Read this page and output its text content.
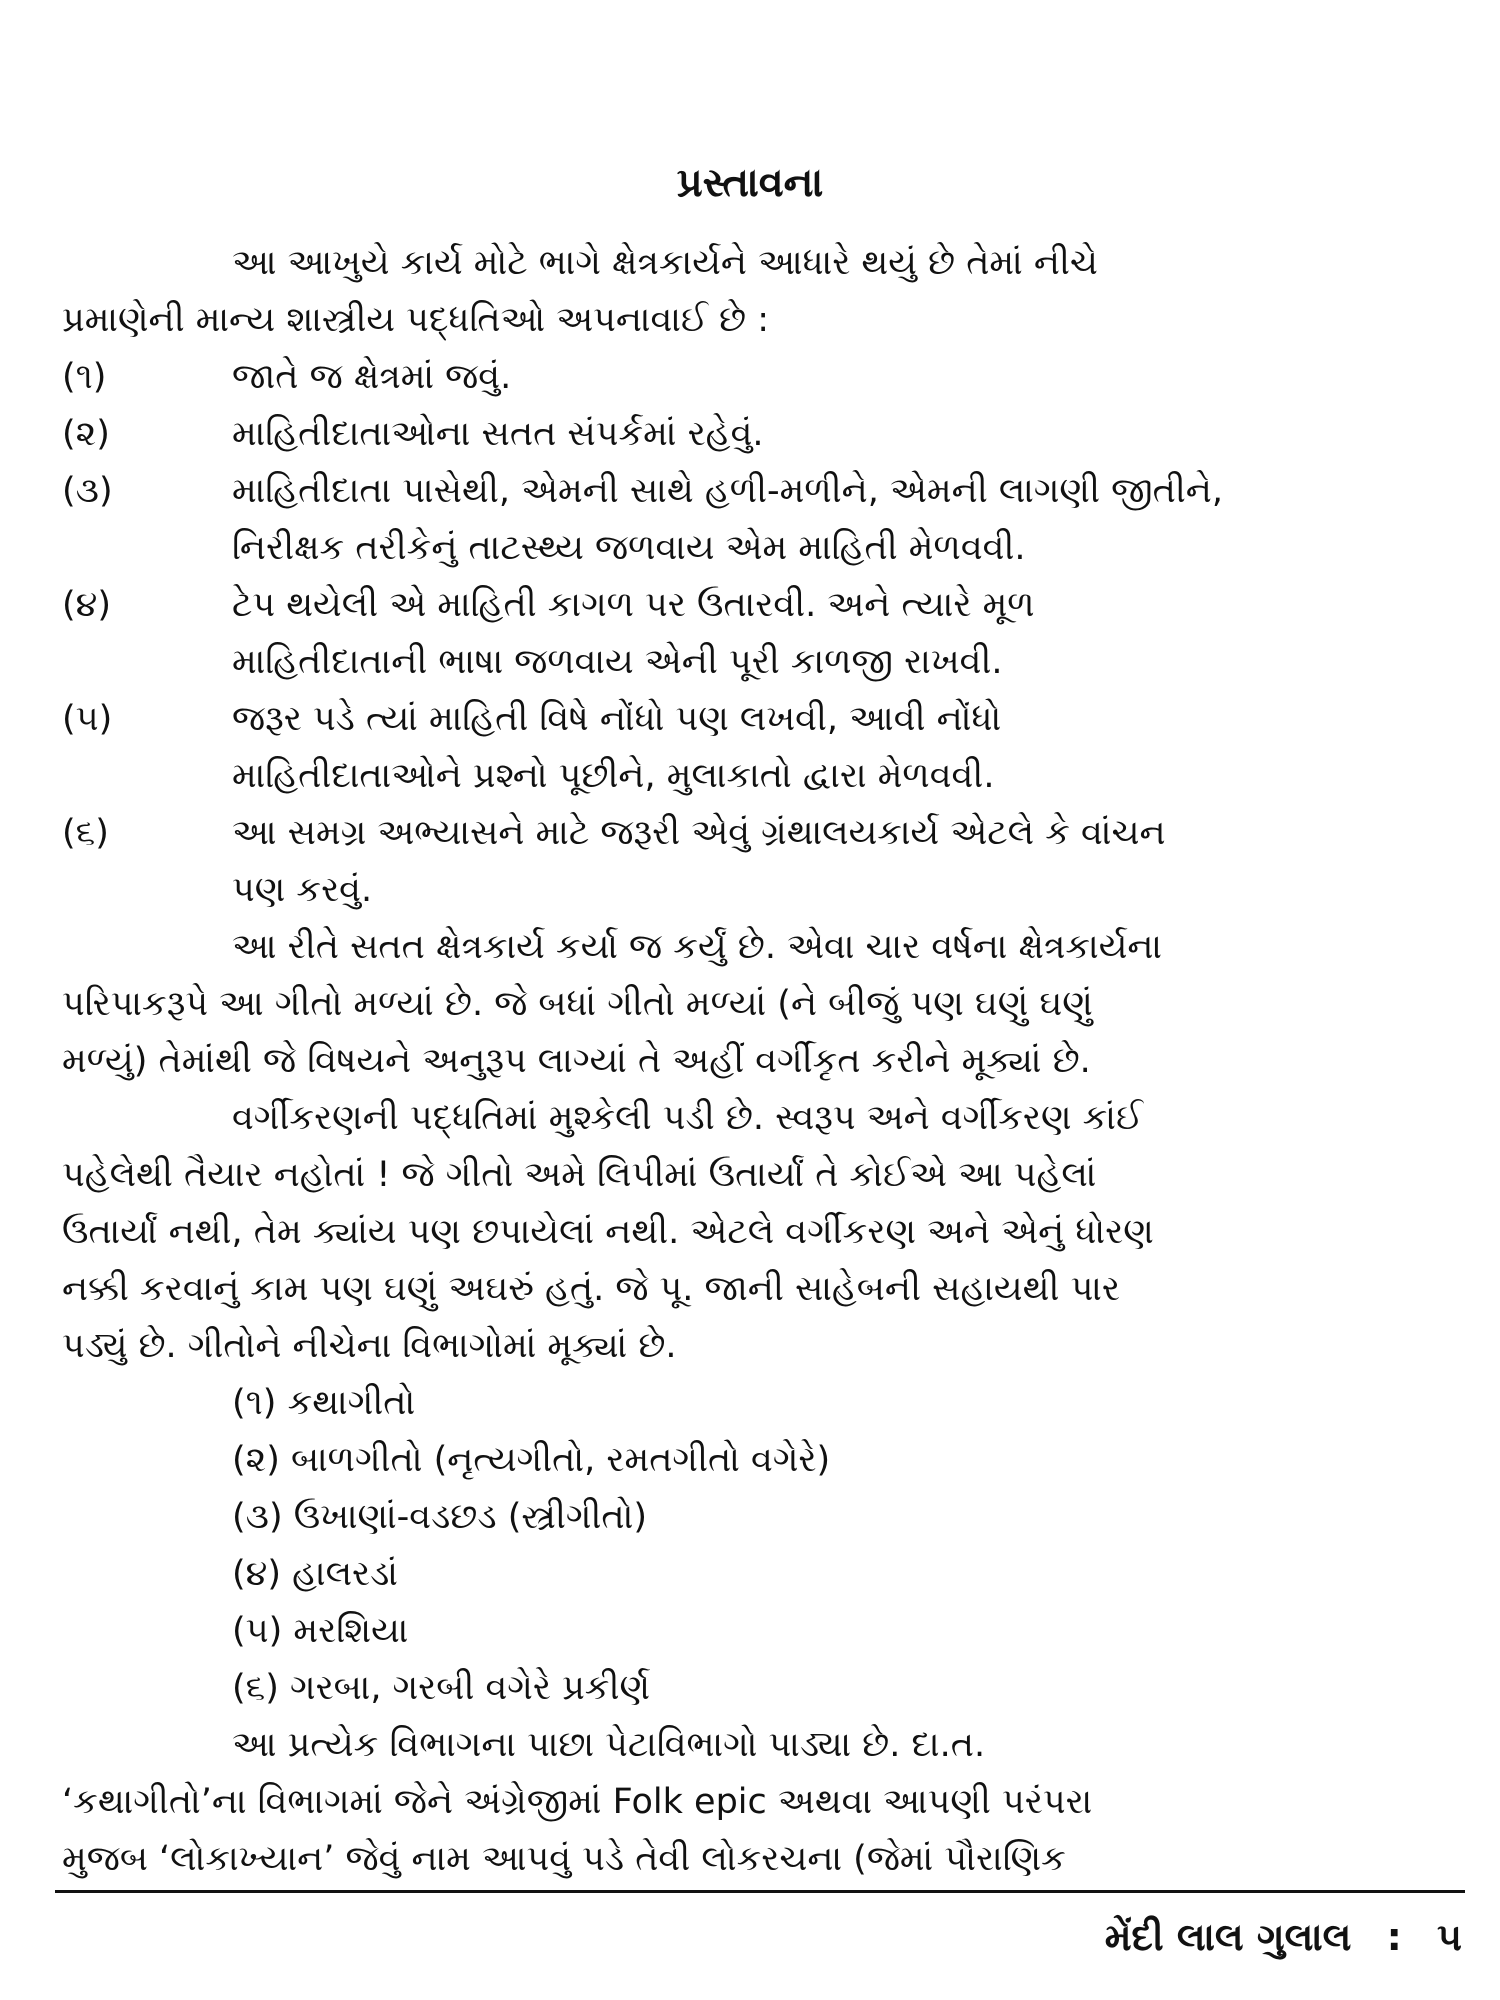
પ્રસ્તાવના
આ આખુયે કાર્ય મોટે ભાગે ક્ષેત્રકાર્યને આધારે થયું છે તેમાં નીચે
પ્રમાણેની માન્ય શાસ્ત્રીય પદ્ધતિઓ અપનાવાઈ છે :
(૧)	જાતે જ ક્ષેત્રમાં જવું.
(૨)	માહિતીદાતાઓના સતત સંપર્કમાં રહેવું.
(૩)	માહિતીદાતા પાસેથી, એમની સાથે હળી-મળીને, એમની લાગણી જીતીને,
નિરીક્ષક તરીકેનું તાટસ્થ્ય જળવાય એમ માહિતી મેળવવી.
(૪)	ટેપ થયેલી એ માહિતી કાગળ પર ઉતારવી. અને ત્યારે મૂળ
માહિતીદાતાની ભાષા જળવાય એની પૂરી કાળજી રાખવી.
(૫)	જરૂર પડે ત્યાં માહિતી વિષે નોંધો પણ લખવી, આવી નોંધો
માહિતીદાતાઓને પ્રશ્નો પૂછીને, મુલાકાતો દ્વારા મેળવવી.
(૬)	આ સમગ્ર અભ્યાસને માટે જરૂરી એવું ગ્રંથાલયકાર્ય એટલે કે વાંચન
પણ કરવું.
આ રીતે સતત ક્ષેત્રકાર્ય કર્યા જ કર્યું છે. એવા ચાર વર્ષના ક્ષેત્રકાર્યના
પરિપાકરૂપે આ ગીતો મળ્યાં છે. જે બધાં ગીતો મળ્યાં (ને બીજું પણ ઘણું ઘણું
મળ્યું) તેમાંથી જે વિષયને અનુરૂપ લાગ્યાં તે અહીં વર્ગીકૃત કરીને મૂક્યાં છે.
વર્ગીકરણની પદ્ધતિમાં મુશ્કેલી પડી છે. સ્વરૂપ અને વર્ગીકરણ કાંઈ
પહેલેથી તૈયાર નહોતાં ! જે ગીતો અમે લિપીમાં ઉતાર્યાં તે કોઈએ આ પહેલાં
ઉતાર્યાં નથી, તેમ ક્યાંય પણ છપાયેલાં નથી. એટલે વર્ગીકરણ અને એનું ધોરણ
નક્કી કરવાનું કામ પણ ઘણું અઘરું હતું. જે પૂ. જાની સાહેબની સહાયથી પાર
પડ્યું છે. ગીતોને નીચેના વિભાગોમાં મૂક્યાં છે.
(૧) કથાગીતો
(૨) બાળગીતો (નૃત્યગીતો, રમતગીતો વગેરે)
(૩) ઉખાણાં-વડછડ (સ્ત્રીગીતો)
(૪) હાલરડાં
(૫) મરશિયા
(૬) ગરબા, ગરબી વગેરે પ્રકીર્ણ
આ પ્રત્યેક વિભાગના પાછા પેટાવિભાગો પાડ્યા છે. દા.ત.
‘કથાગીતો’ના વિભાગમાં જેને અંગ્રેજીમાં Folk epic અથવા આપણી પરંપરા
મુજબ ‘લોકાખ્યાન’ જેવું નામ આપવું પડે તેવી લોકરચના (જેમાં પૌરાણિક
મેંદી લાલ ગુલાલ : ૫
